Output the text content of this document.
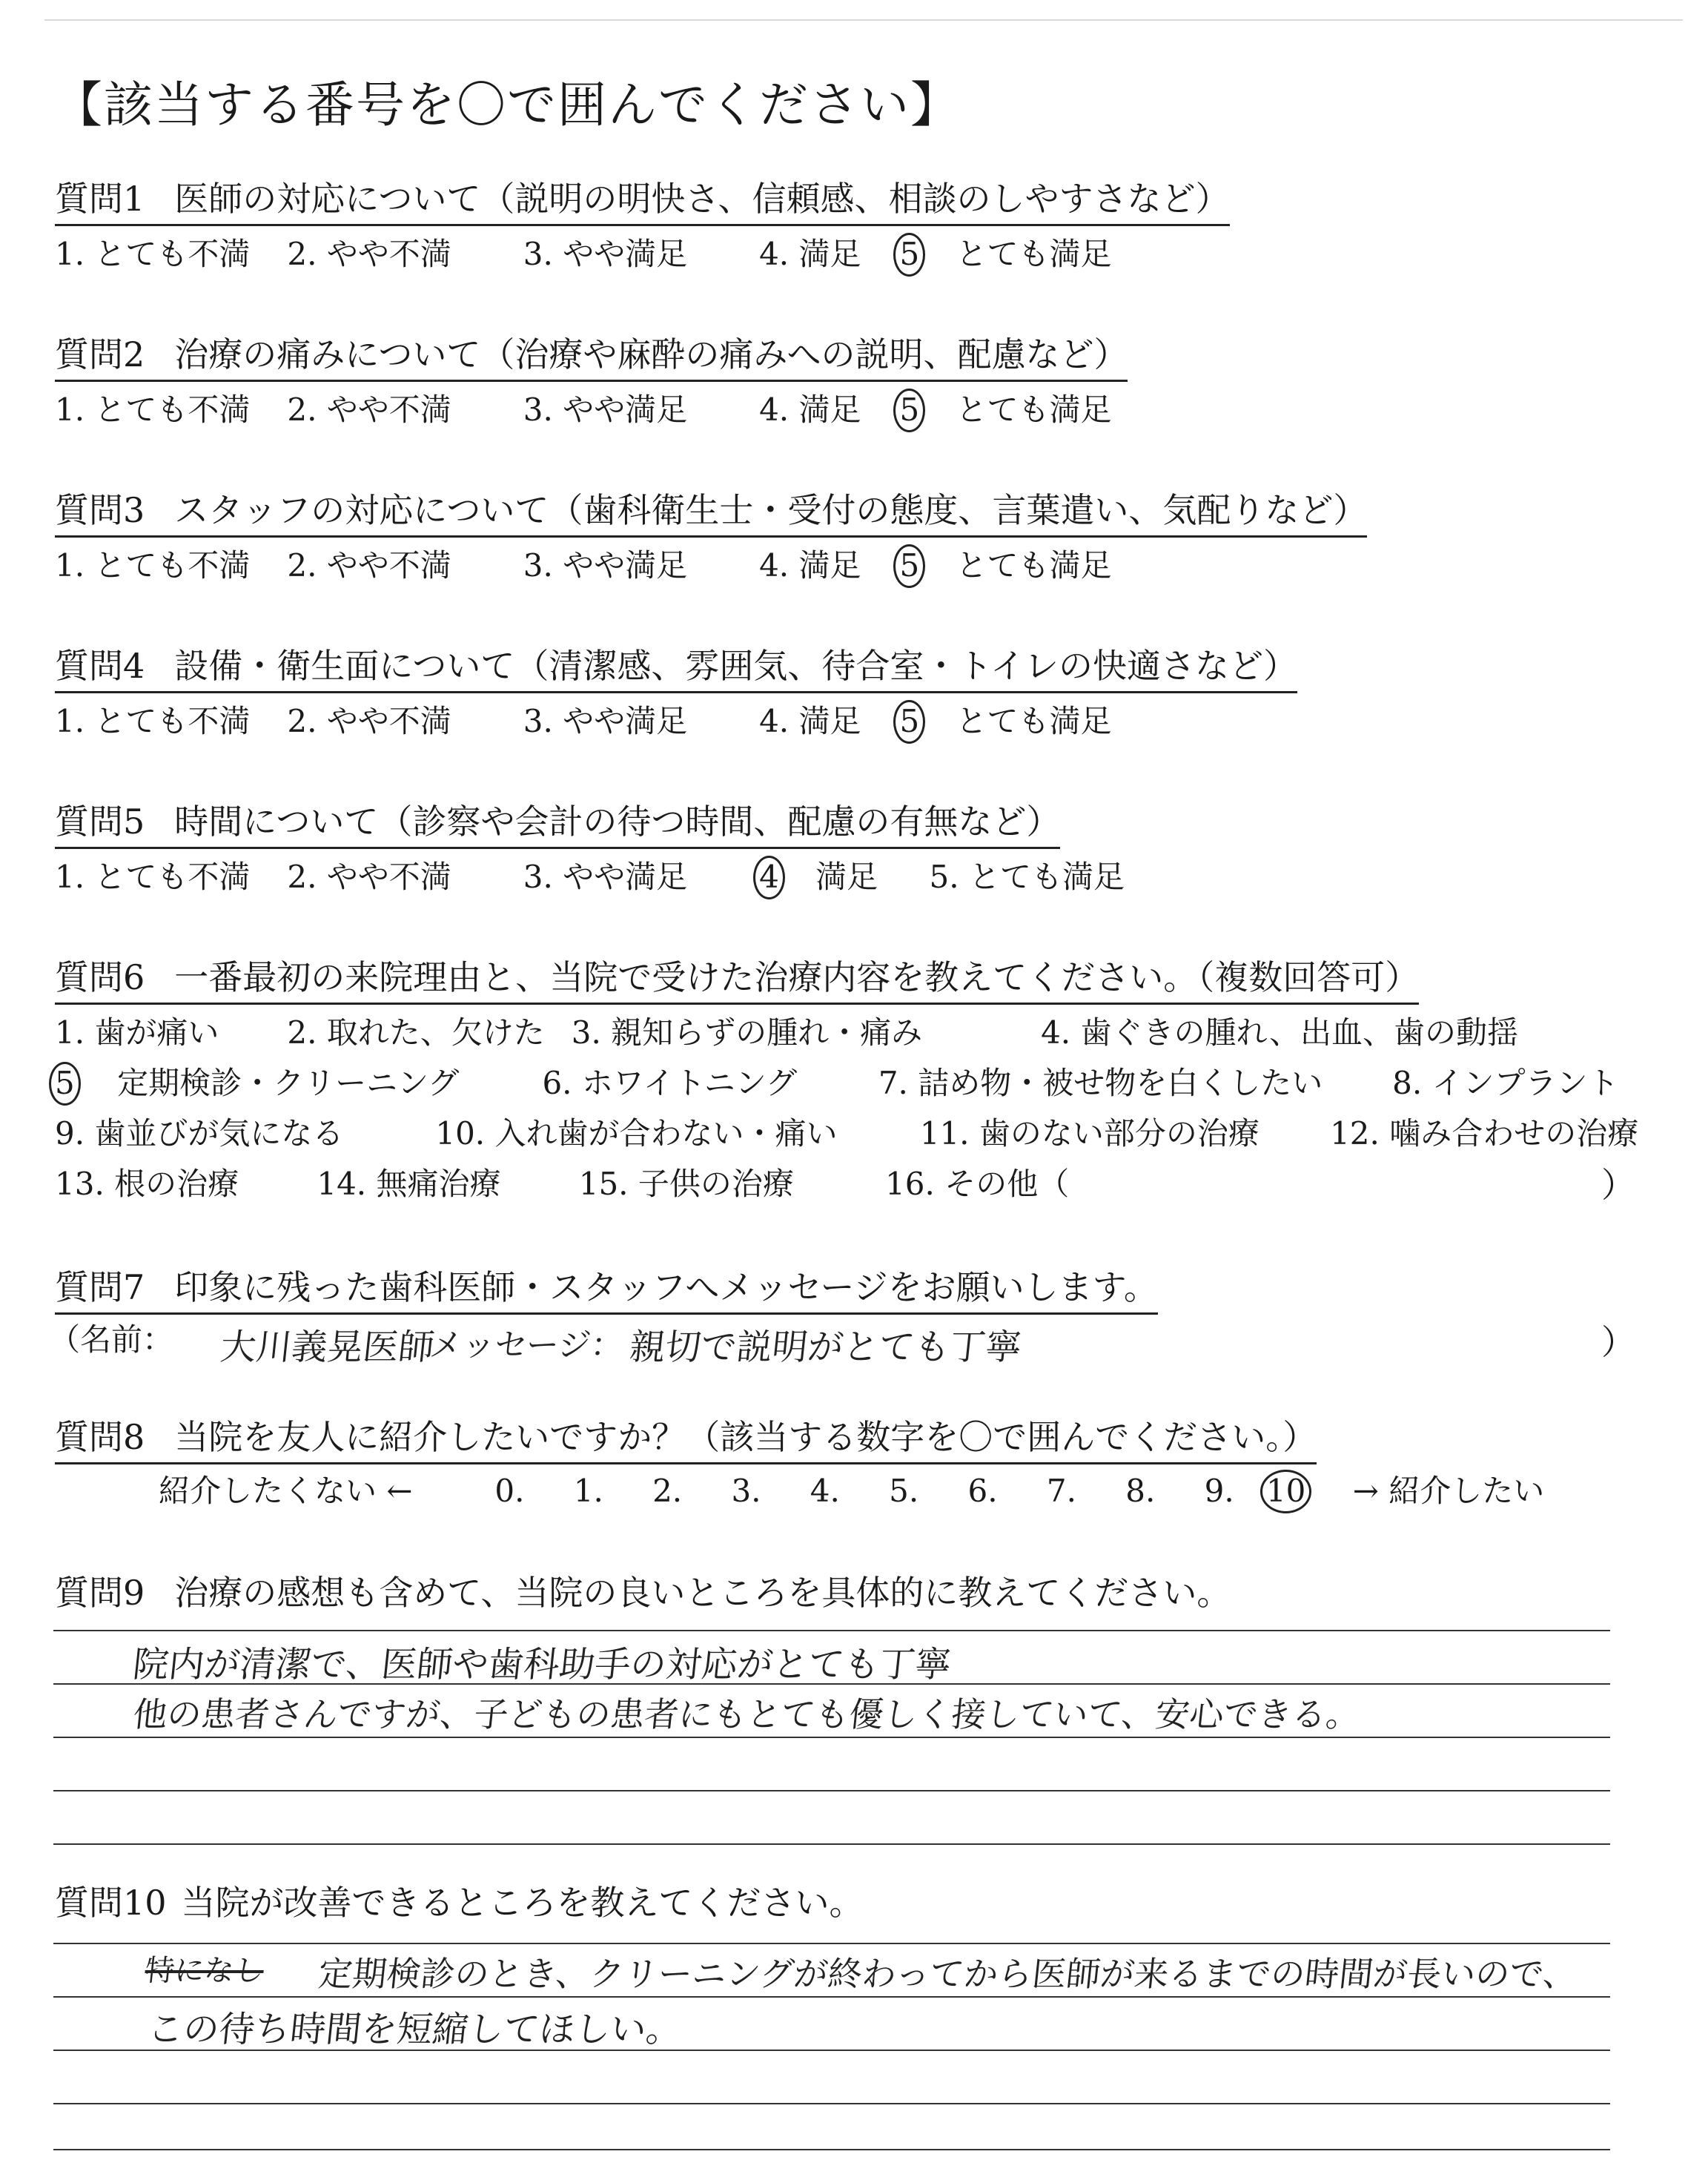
【該当する番号を〇で囲んでください】
質問1 医師の対応について（説明の明快さ、信頼感、相談のしやすさなど）
1. とても不満 2. やや不満 3. やや満足 4. 満足 5 とても満足
質問2 治療の痛みについて（治療や麻酔の痛みへの説明、配慮など）
1. とても不満 2. やや不満 3. やや満足 4. 満足 5 とても満足
質問3 スタッフの対応について（歯科衛生士・受付の態度、言葉遣い、気配りなど）
1. とても不満 2. やや不満 3. やや満足 4. 満足 5 とても満足
質問4 設備・衛生面について（清潔感、雰囲気、待合室・トイレの快適さなど）
1. とても不満 2. やや不満 3. やや満足 4. 満足 5 とても満足
質問5 時間について（診察や会計の待つ時間、配慮の有無など）
1. とても不満 2. やや不満 3. やや満足 4 満足 5. とても満足
質問6 一番最初の来院理由と、当院で受けた治療内容を教えてください。（複数回答可）
1. 歯が痛い 2. 取れた、欠けた 3. 親知らずの腫れ・痛み	4. 歯ぐきの腫れ、出血、歯の動揺
5 定期検診・クリーニング	6. ホワイトニング	7. 詰め物・被せ物を白くしたい 8. インプラント
9. 歯並びが気になる	10. 入れ歯が合わない・痛い	11. 歯のない部分の治療 12. 噛み合わせの治療
13. 根の治療	14. 無痛治療	15. 子供の治療	16. その他（	）
質問7 印象に残った歯科医師・スタッフへメッセージをお願いします。
（名前： 大川義晃医師
メッセージ： 親切で説明がとても丁寧	）
質問8 当院を友人に紹介したいですか？（該当する数字を〇で囲んでください。）
紹介したくない ←	0. 1. 2. 3. 4. 5. 6. 7. 8. 9. 10 → 紹介したい
質問9 治療の感想も含めて、当院の良いところを具体的に教えてください。
院内が清潔で、医師や歯科助手の対応がとても丁寧
他の患者さんですが、子どもの患者にもとても優しく接していて、安心できる。
質問10 当院が改善できるところを教えてください。
特になし 定期検診のとき、クリーニングが終わってから医師が来るまでの時間が長いので、
この待ち時間を短縮してほしい。
